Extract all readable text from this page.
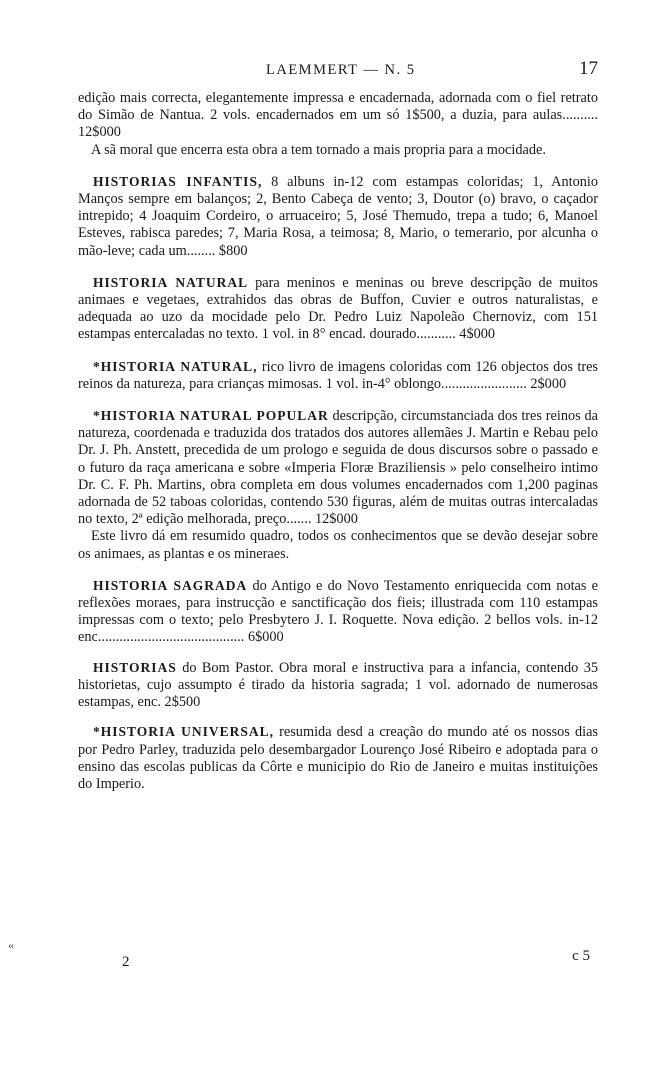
LAEMMERT — N. 5	17

edição mais correcta, elegantemente impressa e encadernada, adornada com o fiel retrato do Simão de Nantua. 2 vols. encadernados em um só 1$500, a duzia, para aulas.......... 12$000

A sã moral que encerra esta obra a tem tornado a mais propria para a mocidade.

HISTORIAS INFANTIS, 8 albuns in-12 com estampas coloridas; 1, Antonio Manços sempre em balanços; 2, Bento Cabeça de vento; 3, Doutor (o) bravo, o caçador intrepido; 4 Joaquim Cordeiro, o arruaceiro; 5, José Themudo, trepa a tudo; 6, Manoel Esteves, rabisca paredes; 7, Maria Rosa, a teimosa; 8, Mario, o temerario, por alcunha o mão-leve; cada um........ $800

HISTORIA NATURAL para meninos e meninas ou breve descripção de muitos animaes e vegetaes, extrahidos das obras de Buffon, Cuvier e outros naturalistas, e adequada ao uzo da mocidade pelo Dr. Pedro Luiz Napoleão Chernoviz, com 151 estampas entercaladas no texto. 1 vol. in 8° encad. dourado........... 4$000

*HISTORIA NATURAL, rico livro de imagens coloridas com 126 objectos dos tres reinos da natureza, para crianças mimosas. 1 vol. in-4° oblongo........................ 2$000

*HISTORIA NATURAL POPULAR descripção, circumstanciada dos tres reinos da natureza, coordenada e traduzida dos tratados dos autores allemães J. Martin e Rebau pelo Dr. J. Ph. Anstett, precedida de um prologo e seguida de dous discursos sobre o passado e o futuro da raça americana e sobre «Imperia Floræ Braziliensis » pelo conselheiro intimo Dr. C. F. Ph. Martins, obra completa em dous volumes encadernados com 1,200 paginas adornada de 52 taboas coloridas, contendo 530 figuras, além de muitas outras intercaladas no texto, 2ª edição melhorada, preço....... 12$000

Este livro dá em resumido quadro, todos os conhecimentos que se devão desejar sobre os animaes, as plantas e os mineraes.

HISTORIA SAGRADA do Antigo e do Novo Testamento enriquecida com notas e reflexões moraes, para instrucção e sanctificação dos fieis; illustrada com 110 estampas impressas com o texto; pelo Presbytero J. I. Roquette. Nova edição. 2 bellos vols. in-12 enc......................................... 6$000

HISTORIAS do Bom Pastor. Obra moral e instructiva para a infancia, contendo 35 historietas, cujo assumpto é tirado da historia sagrada; 1 vol. adornado de numerosas estampas, enc. 2$500

*HISTORIA UNIVERSAL, resumida desd a creação do mundo até os nossos dias por Pedro Parley, traduzida pelo desembargador Lourenço José Ribeiro e adoptada para o ensino das escolas publicas da Côrte e municipio do Rio de Janeiro e muitas instituições do Imperio.

«
2	c 5
